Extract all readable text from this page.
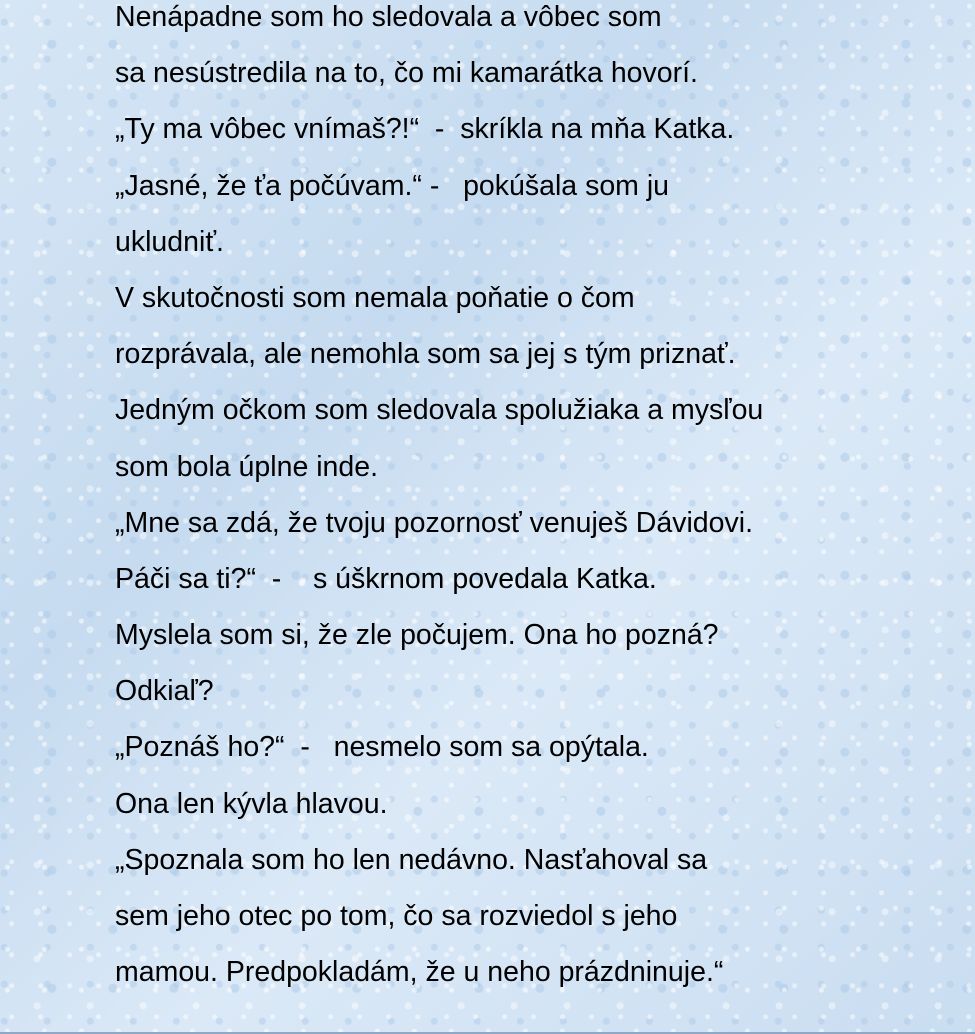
Nenápadne som ho sledovala a vôbec som
sa nesústredila na to, čo mi kamarátka hovorí.
„Ty ma vôbec vnímaš?!“  -  skríkla na mňa Katka.
„Jasné, že ťa počúvam.“ -   pokúšala som ju
ukludniť.
V skutočnosti som nemala poňatie o čom
rozprávala, ale nemohla som sa jej s tým priznať.
Jedným očkom som sledovala spolužiaka a mysľou
som bola úplne inde.
„Mne sa zdá, že tvoju pozornosť venuješ Dávidovi.
Páči sa ti?“  -    s úškrnom povedala Katka.
Myslela som si, že zle počujem. Ona ho pozná?
Odkiaľ?
„Poznáš ho?“  -   nesmelo som sa opýtala.
Ona len kývla hlavou.
„Spoznala som ho len nedávno. Nasťahoval sa
sem jeho otec po tom, čo sa rozviedol s jeho
mamou. Predpokladám, že u neho prázdninuje.“
